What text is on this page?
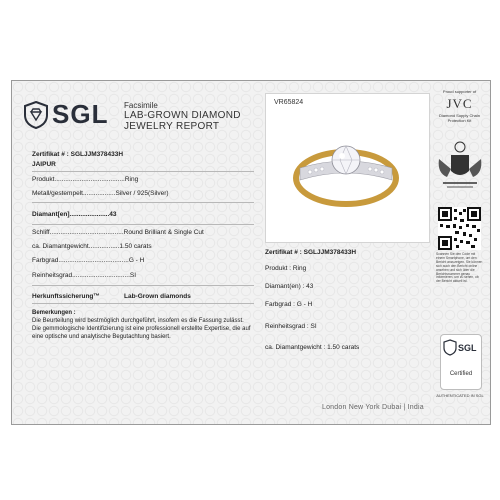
SGL Facsimile
LAB-GROWN DIAMOND
JEWELRY REPORT
Zertifikat # : SGLJJM378433H
JAIPUR
Produkt.......................................Ring
Metall/gestempelt..................Silver / 925(Silver)
Diamant[en]......................43
Schliff.........................................Round Brilliant & Single Cut
ca. Diamantgewicht.................1.50 carats
Farbgrad.......................................G - H
Reinheitsgrad................................SI
Herkunftssicherung™	Lab-Grown diamonds
Bemerkungen :
Die Beurteilung wird bestmöglich durchgeführt, insofern es die Fassung zulässt.
Die gemmologische Identifizierung ist eine professionell erstellte Expertise, die auf eine optische und analytische Begutachtung basiert.
VR65824
Zertifikat # : SGLJJM378433H
Produkt : Ring
Diamant(en) : 43
Farbgrad : G - H
Reinheitsgrad : SI
ca. Diamantgewicht : 1.50 carats
Proud supporter of
JVC
Diamond Supply Chain Protection Kit
Scannen Sie den Code mit einem Smartphone, um den Bericht anzuzeigen. Sie können sich auch den Bericht online ansehen und sich über die Berichtsnummer genau informieren, um zu sehen, ob der Bericht aktuell ist.
SGL
Certified
AUTHENTICATED IN SGL
London New York Dubai | India
